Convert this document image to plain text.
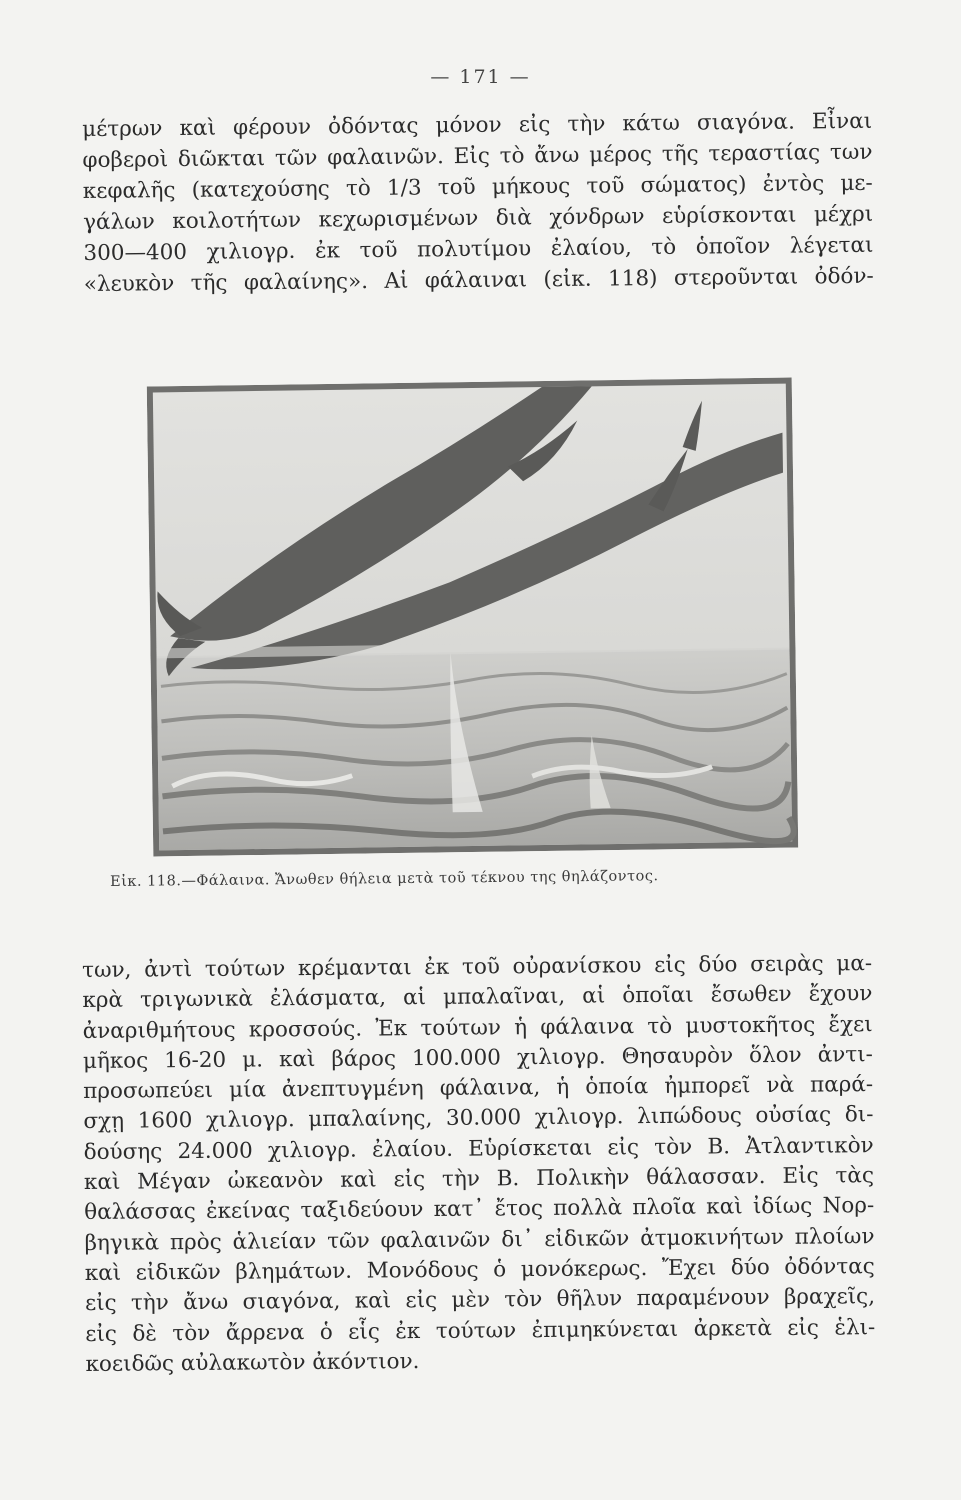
— 171 —
μέτρων καὶ φέρουν ὀδόντας μόνον εἰς τὴν κάτω σιαγόνα. Εἶναι
φοβεροὶ διῶκται τῶν φαλαινῶν. Εἰς τὸ ἄνω μέρος τῆς τεραστίας των
κεφαλῆς (κατεχούσης τὸ 1/3 τοῦ μήκους τοῦ σώματος) ἐντὸς με-
γάλων κοιλοτήτων κεχωρισμένων διὰ χόνδρων εὑρίσκονται μέχρι
300—400 χιλιογρ. ἐκ τοῦ πολυτίμου ἐλαίου, τὸ ὁποῖον λέγεται
«λευκὸν τῆς φαλαίνης». Αἱ φάλαιναι (εἰκ. 118) στεροῦνται ὀδόν-
Εἰκ. 118.—Φάλαινα. Ἄνωθεν θήλεια μετὰ τοῦ τέκνου της θηλάζοντος.
των, ἀντὶ τούτων κρέμανται ἐκ τοῦ οὐρανίσκου εἰς δύο σειρὰς μα-
κρὰ τριγωνικὰ ἐλάσματα, αἱ μπαλαῖναι, αἱ ὁποῖαι ἔσωθεν ἔχουν
ἀναριθμήτους κροσσούς. Ἐκ τούτων ἡ φάλαινα τὸ μυστοκῆτος ἔχει
μῆκος 16-20 μ. καὶ βάρος 100.000 χιλιογρ. Θησαυρὸν ὅλον ἀντι-
προσωπεύει μία ἀνεπτυγμένη φάλαινα, ἡ ὁποία ἠμπορεῖ νὰ παρά-
σχῃ 1600 χιλιογρ. μπαλαίνης, 30.000 χιλιογρ. λιπώδους οὐσίας δι-
δούσης 24.000 χιλιογρ. ἐλαίου. Εὑρίσκεται εἰς τὸν Β. Ἀτλαντικὸν
καὶ Μέγαν ὠκεανὸν καὶ εἰς τὴν Β. Πολικὴν θάλασσαν. Εἰς τὰς
θαλάσσας ἐκείνας ταξιδεύουν κατ᾽ ἔτος πολλὰ πλοῖα καὶ ἰδίως Νορ-
βηγικὰ πρὸς ἁλιείαν τῶν φαλαινῶν δι᾽ εἰδικῶν ἀτμοκινήτων πλοίων
καὶ εἰδικῶν βλημάτων. Μονόδους ὁ μονόκερως. Ἔχει δύο ὀδόντας
εἰς τὴν ἄνω σιαγόνα, καὶ εἰς μὲν τὸν θῆλυν παραμένουν βραχεῖς,
εἰς δὲ τὸν ἄρρενα ὁ εἷς ἐκ τούτων ἐπιμηκύνεται ἀρκετὰ εἰς ἑλι-
κοειδῶς αὐλακωτὸν ἀκόντιον.
